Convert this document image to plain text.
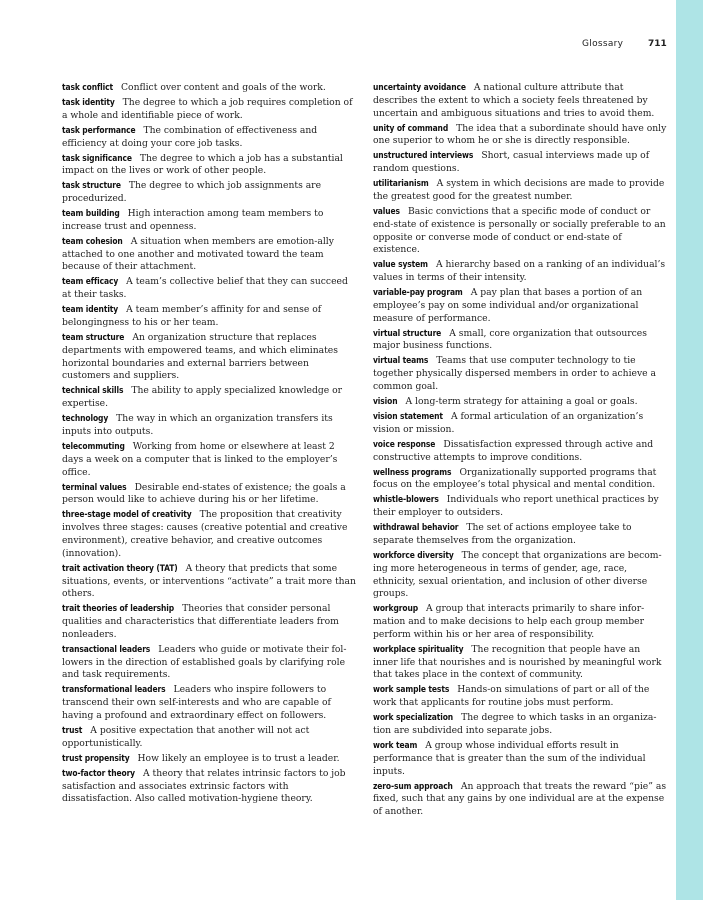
Glossary	711
task conflict Conflict over content and goals of the work.
task identity The degree to which a job requires completion of a whole and identifiable piece of work.
task performance The combination of effectiveness and efficiency at doing your core job tasks.
task significance The degree to which a job has a substantial impact on the lives or work of other people.
task structure The degree to which job assignments are procedurized.
team building High interaction among team members to increase trust and openness.
team cohesion A situation when members are emotion-ally attached to one another and motivated toward the team because of their attachment.
team efficacy A team’s collective belief that they can succeed at their tasks.
team identity A team member’s affinity for and sense of belongingness to his or her team.
team structure An organization structure that replaces departments with empowered teams, and which eliminates horizontal boundaries and external barriers between customers and suppliers.
technical skills The ability to apply specialized knowledge or expertise.
technology The way in which an organization transfers its inputs into outputs.
telecommuting Working from home or elsewhere at least 2 days a week on a computer that is linked to the employer’s office.
terminal values Desirable end-states of existence; the goals a person would like to achieve during his or her lifetime.
three-stage model of creativity The proposition that creativity involves three stages: causes (creative potential and creative environment), creative behavior, and creative outcomes (innovation).
trait activation theory (TAT) A theory that predicts that some situations, events, or interventions “activate” a trait more than others.
trait theories of leadership Theories that consider personal qualities and characteristics that differentiate leaders from nonleaders.
transactional leaders Leaders who guide or motivate their fol-lowers in the direction of established goals by clarifying role and task requirements.
transformational leaders Leaders who inspire followers to transcend their own self-interests and who are capable of having a profound and extraordinary effect on followers.
trust A positive expectation that another will not act opportunistically.
trust propensity How likely an employee is to trust a leader.
two-factor theory A theory that relates intrinsic factors to job satisfaction and associates extrinsic factors with dissatisfaction. Also called motivation-hygiene theory.
uncertainty avoidance A national culture attribute that describes the extent to which a society feels threatened by uncertain and ambiguous situations and tries to avoid them.
unity of command The idea that a subordinate should have only one superior to whom he or she is directly responsible.
unstructured interviews Short, casual interviews made up of random questions.
utilitarianism A system in which decisions are made to provide the greatest good for the greatest number.
values Basic convictions that a specific mode of conduct or end-state of existence is personally or socially preferable to an opposite or converse mode of conduct or end-state of existence.
value system A hierarchy based on a ranking of an individual’s values in terms of their intensity.
variable-pay program A pay plan that bases a portion of an employee’s pay on some individual and/or organizational measure of performance.
virtual structure A small, core organization that outsources major business functions.
virtual teams Teams that use computer technology to tie together physically dispersed members in order to achieve a common goal.
vision A long-term strategy for attaining a goal or goals.
vision statement A formal articulation of an organization’s vision or mission.
voice response Dissatisfaction expressed through active and constructive attempts to improve conditions.
wellness programs Organizationally supported programs that focus on the employee’s total physical and mental condition.
whistle-blowers Individuals who report unethical practices by their employer to outsiders.
withdrawal behavior The set of actions employee take to separate themselves from the organization.
workforce diversity The concept that organizations are becom-ing more heterogeneous in terms of gender, age, race, ethnicity, sexual orientation, and inclusion of other diverse groups.
workgroup A group that interacts primarily to share infor-mation and to make decisions to help each group member perform within his or her area of responsibility.
workplace spirituality The recognition that people have an inner life that nourishes and is nourished by meaningful work that takes place in the context of community.
work sample tests Hands-on simulations of part or all of the work that applicants for routine jobs must perform.
work specialization The degree to which tasks in an organiza-tion are subdivided into separate jobs.
work team A group whose individual efforts result in performance that is greater than the sum of the individual inputs.
zero-sum approach An approach that treats the reward “pie” as fixed, such that any gains by one individual are at the expense of another.
